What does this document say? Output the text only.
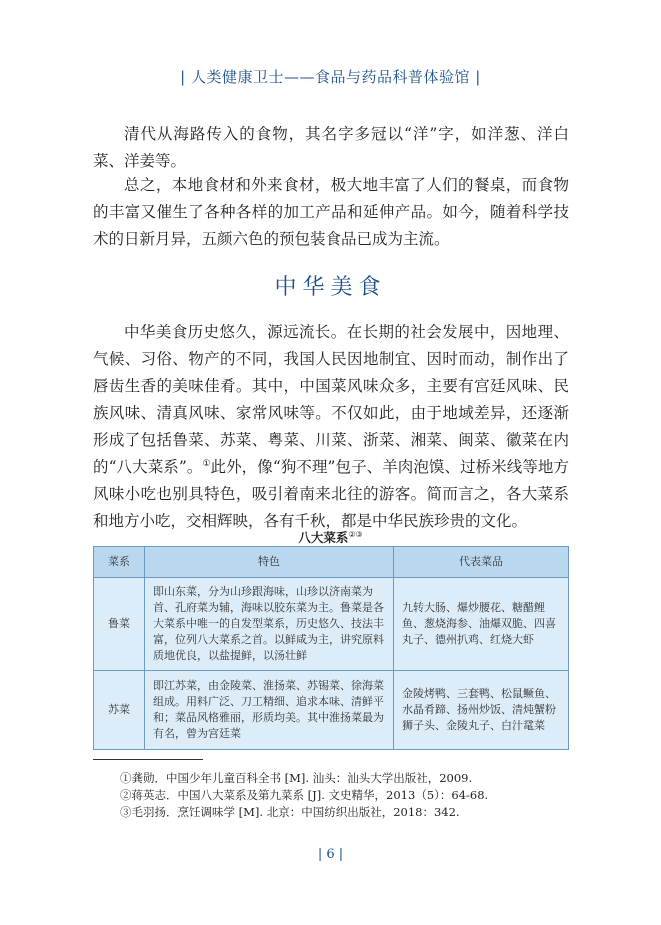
| 人类健康卫士——食品与药品科普体验馆 |

清代从海路传入的食物，其名字多冠以“洋”字，如洋葱、洋白菜、洋姜等。

总之，本地食材和外来食材，极大地丰富了人们的餐桌，而食物的丰富又催生了各种各样的加工产品和延伸产品。如今，随着科学技术的日新月异，五颜六色的预包装食品已成为主流。

中华美食

中华美食历史悠久，源远流长。在长期的社会发展中，因地理、气候、习俗、物产的不同，我国人民因地制宜、因时而动，制作出了唇齿生香的美味佳肴。其中，中国菜风味众多，主要有宫廷风味、民族风味、清真风味、家常风味等。不仅如此，由于地域差异，还逐渐形成了包括鲁菜、苏菜、粤菜、川菜、浙菜、湘菜、闽菜、徽菜在内的“八大菜系”。①此外，像“狗不理”包子、羊肉泡馍、过桥米线等地方风味小吃也别具特色，吸引着南来北往的游客。简而言之，各大菜系和地方小吃，交相辉映，各有千秋，都是中华民族珍贵的文化。

八大菜系②③
菜系	特色	代表菜品
鲁菜	即山东菜，分为山珍跟海味，山珍以济南菜为首、孔府菜为辅，海味以胶东菜为主。鲁菜是各大菜系中唯一的自发型菜系，历史悠久、技法丰富，位列八大菜系之首。以鲜咸为主，讲究原料质地优良，以盐提鲜，以汤壮鲜	九转大肠、爆炒腰花、糖醋鲤鱼、葱烧海参、油爆双脆、四喜丸子、德州扒鸡、红烧大虾
苏菜	即江苏菜，由金陵菜、淮扬菜、苏锡菜、徐海菜组成。用料广泛、刀工精细、追求本味、清鲜平和；菜品风格雅丽，形质均美。其中淮扬菜最为有名，曾为宫廷菜	金陵烤鸭、三套鸭、松鼠鳜鱼、水晶肴蹄、扬州炒饭、清炖蟹粉狮子头、金陵丸子、白汁鼋菜
①龚勋．中国少年儿童百科全书 [M]. 汕头：汕头大学出版社，2009.
②蒋英志．中国八大菜系及第九菜系 [J]. 文史精华，2013（5）：64-68.
③毛羽扬．烹饪调味学 [M]. 北京：中国纺织出版社，2018：342.
| 6 |
